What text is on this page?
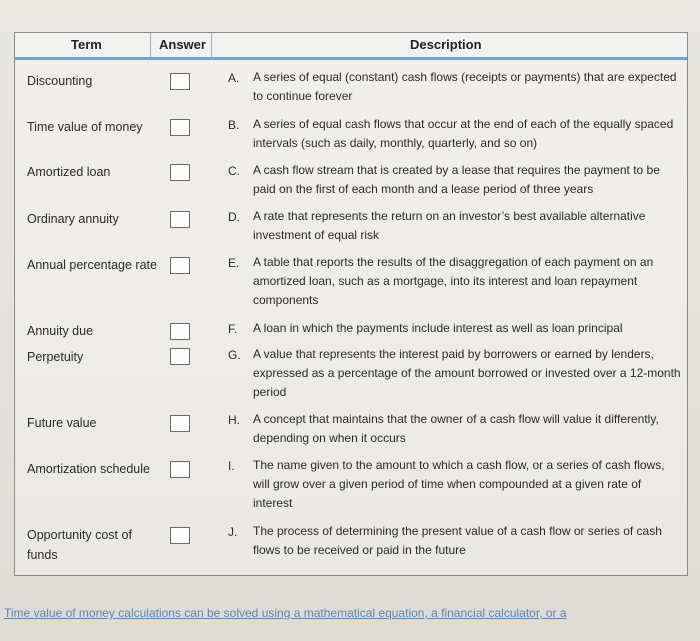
Term	Answer	Description
Discounting
Time value of money
Amortized loan
Ordinary annuity
Annual percentage rate
Annuity due
Perpetuity
Future value
Amortization schedule
Opportunity cost of funds
A.
B.
C.
D.
E.
F.
G.
H.
I.
J.
A series of equal (constant) cash flows (receipts or payments) that are expected to continue forever
A series of equal cash flows that occur at the end of each of the equally spaced intervals (such as daily, monthly, quarterly, and so on)
A cash flow stream that is created by a lease that requires the payment to be paid on the first of each month and a lease period of three years
A rate that represents the return on an investor’s best available alternative investment of equal risk
A table that reports the results of the disaggregation of each payment on an amortized loan, such as a mortgage, into its interest and loan repayment components
A loan in which the payments include interest as well as loan principal
A value that represents the interest paid by borrowers or earned by lenders, expressed as a percentage of the amount borrowed or invested over a 12-month period
A concept that maintains that the owner of a cash flow will value it differently, depending on when it occurs
The name given to the amount to which a cash flow, or a series of cash flows, will grow over a given period of time when compounded at a given rate of interest
The process of determining the present value of a cash flow or series of cash flows to be received or paid in the future
Time value of money calculations can be solved using a mathematical equation, a financial calculator, or a
